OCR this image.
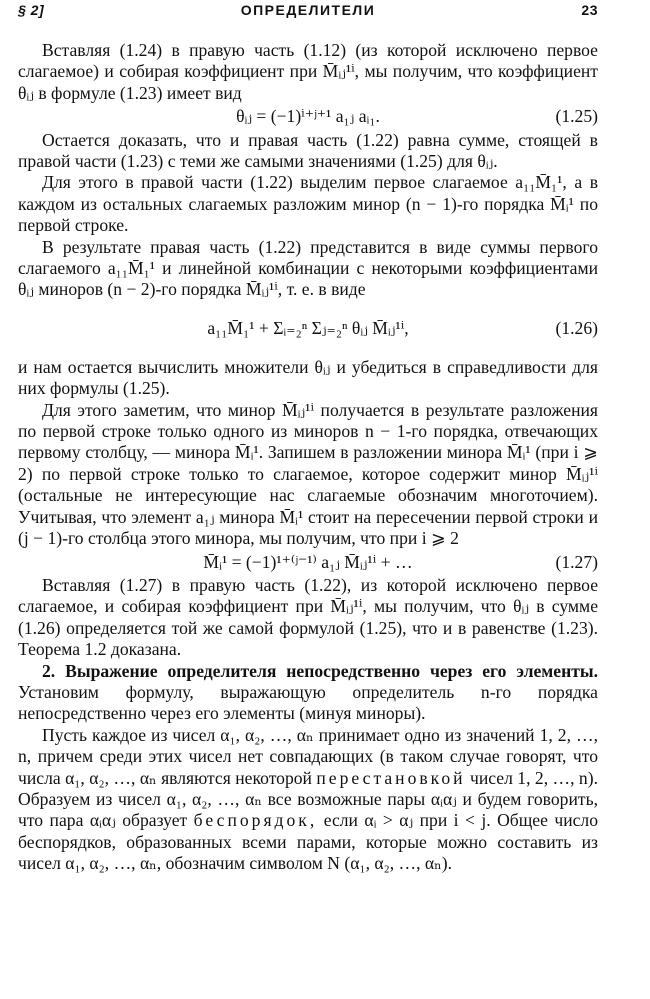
§ 2]	ОПРЕДЕЛИТЕЛИ	23

Вставляя (1.24) в правую часть (1.12) (из которой исключено первое слагаемое) и собирая коэффициент при M̄ᵢⱼ¹ⁱ, мы получим, что коэффициент θᵢⱼ в формуле (1.23) имеет вид

θᵢⱼ = (−1)ⁱ⁺ʲ⁺¹ a₁ⱼ aᵢ₁.	(1.25)

Остается доказать, что и правая часть (1.22) равна сумме, стоящей в правой части (1.23) с теми же самыми значениями (1.25) для θᵢⱼ.

Для этого в правой части (1.22) выделим первое слагаемое a₁₁M̄₁¹, а в каждом из остальных слагаемых разложим минор (n − 1)-го порядка M̄ᵢ¹ по первой строке.

В результате правая часть (1.22) представится в виде суммы первого слагаемого a₁₁M̄₁¹ и линейной комбинации с некоторыми коэффициентами θᵢⱼ миноров (n − 2)-го порядка M̄ᵢⱼ¹ⁱ, т. е. в виде

a₁₁M̄₁¹ + Σᵢ₌₂ⁿ Σⱼ₌₂ⁿ θᵢⱼ M̄ᵢⱼ¹ⁱ,	(1.26)

и нам остается вычислить множители θᵢⱼ и убедиться в справедливости для них формулы (1.25).

Для этого заметим, что минор M̄ᵢⱼ¹ⁱ получается в результате разложения по первой строке только одного из миноров n − 1-го порядка, отвечающих первому столбцу, — минора M̄ᵢ¹. Запишем в разложении минора M̄ᵢ¹ (при i ⩾ 2) по первой строке только то слагаемое, которое содержит минор M̄ᵢⱼ¹ⁱ (остальные не интересующие нас слагаемые обозначим многоточием). Учитывая, что элемент a₁ⱼ минора M̄ᵢ¹ стоит на пересечении первой строки и (j − 1)-го столбца этого минора, мы получим, что при i ⩾ 2

M̄ᵢ¹ = (−1)¹⁺⁽ʲ⁻¹⁾ a₁ⱼ M̄ᵢⱼ¹ⁱ + …	(1.27)

Вставляя (1.27) в правую часть (1.22), из которой исключено первое слагаемое, и собирая коэффициент при M̄ᵢⱼ¹ⁱ, мы получим, что θᵢⱼ в сумме (1.26) определяется той же самой формулой (1.25), что и в равенстве (1.23). Теорема 1.2 доказана.

2. Выражение определителя непосредственно через его элементы. Установим формулу, выражающую определитель n-го порядка непосредственно через его элементы (минуя миноры).

Пусть каждое из чисел α₁, α₂, …, αₙ принимает одно из значений 1, 2, …, n, причем среди этих чисел нет совпадающих (в таком случае говорят, что числа α₁, α₂, …, αₙ являются некоторой перестановкой чисел 1, 2, …, n). Образуем из чисел α₁, α₂, …, αₙ все возможные пары αᵢαⱼ и будем говорить, что пара αᵢαⱼ образует беспорядок, если αᵢ > αⱼ при i < j. Общее число беспорядков, образованных всеми парами, которые можно составить из чисел α₁, α₂, …, αₙ, обозначим символом N (α₁, α₂, …, αₙ).
